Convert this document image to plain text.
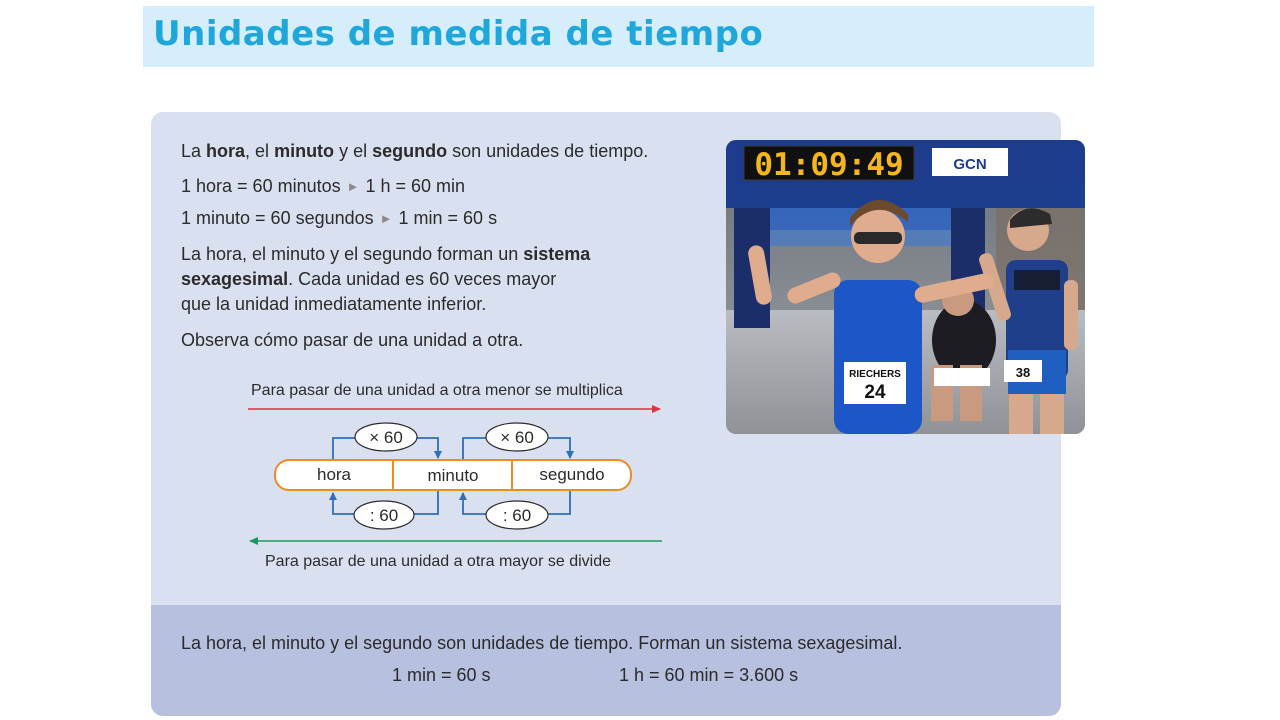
Unidades de medida de tiempo
La hora, el minuto y el segundo son unidades de tiempo.
1 hora = 60 minutos ► 1 h = 60 min
1 minuto = 60 segundos ► 1 min = 60 s
La hora, el minuto y el segundo forman un sistema
sexagesimal. Cada unidad es 60 veces mayor
que la unidad inmediatamente inferior.
Observa cómo pasar de una unidad a otra.
Para pasar de una unidad a otra menor se multiplica
× 60	× 60
: 60	: 60
hora	minuto	segundo
Para pasar de una unidad a otra mayor se divide
01:09:49	GCN
38
RIECHERS
24
La hora, el minuto y el segundo son unidades de tiempo. Forman un sistema sexagesimal.
1 min = 60 s	1 h = 60 min = 3.600 s
